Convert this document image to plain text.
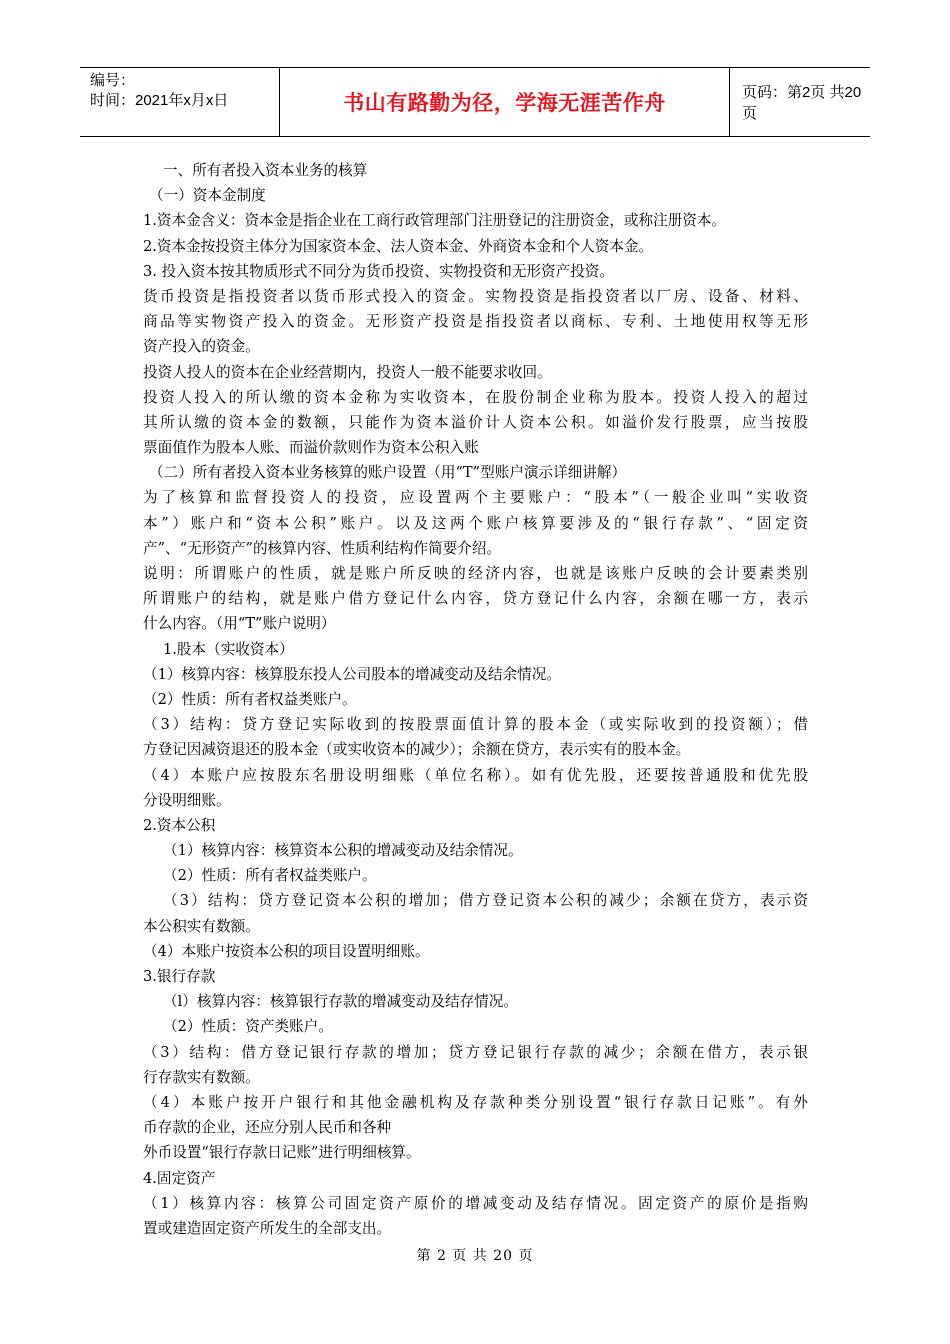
编号：
时间：2021年x月x日	书山有路勤为径，学海无涯苦作舟	页码：第2页 共20页
一、所有者投入资本业务的核算
（一）资本金制度
1.资本金含义：资本金是指企业在工商行政管理部门注册登记的注册资金，或称注册资本。
2.资本金按投资主体分为国家资本金、法人资本金、外商资本金和个人资本金。
3. 投入资本按其物质形式不同分为货币投资、实物投资和无形资产投资。
货币投资是指投资者以货币形式投入的资金。实物投资是指投资者以厂房、设备、材料、
商品等实物资产投入的资金。无形资产投资是指投资者以商标、专利、土地使用权等无形
资产投入的资金。
投资人投人的资本在企业经营期内，投资人一般不能要求收回。
投资人投入的所认缴的资本金称为实收资本，在股份制企业称为股本。投资人投入的超过
其所认缴的资本金的数额，只能作为资本溢价计人资本公积。如溢价发行股票，应当按股
票面值作为股本人账、而溢价款则作为资本公积入账
（二）所有者投入资本业务核算的账户设置（用“T”型账户演示详细讲解）
为了核算和监督投资人的投资，应设置两个主要账户：“股本”（一般企业叫“实收资
本”）账户和“资本公积”账户。以及这两个账户核算要涉及的“银行存款”、“固定资
产”、“无形资产”的核算内容、性质利结构作简要介绍。
说明：所谓账户的性质，就是账户所反映的经济内容，也就是该账户反映的会计要素类别
所谓账户的结构，就是账户借方登记什么内容，贷方登记什么内容，余额在哪一方，表示
什么内容。（用“T”账户说明）
1.股本（实收资本）
（1）核算内容：核算股东投人公司股本的增减变动及结余情况。
（2）性质：所有者权益类账户。
（3）结构：贷方登记实际收到的按股票面值计算的股本金（或实际收到的投资额）；借
方登记因减资退还的股本金（或实收资本的减少）；余额在贷方，表示实有的股本金。
（4）本账户应按股东名册设明细账（单位名称）。如有优先股，还要按普通股和优先股
分设明细账。
2.资本公积
（1）核算内容：核算资本公积的增减变动及结余情况。
（2）性质：所有者权益类账户。
（3）结构：贷方登记资本公积的增加；借方登记资本公积的减少；余额在贷方，表示资
本公积实有数额。
（4）本账户按资本公积的项目设置明细账。
3.银行存款
（l）核算内容：核算银行存款的增减变动及结存情况。
（2）性质：资产类账户。
（3）结构：借方登记银行存款的增加；贷方登记银行存款的减少；余额在借方，表示银
行存款实有数额。
（4）本账户按开户银行和其他金融机构及存款种类分别设置“银行存款日记账”。有外
币存款的企业，还应分别人民币和各种
外币设置“银行存款日记账”进行明细核算。
4.固定资产
（1）核算内容：核算公司固定资产原价的增减变动及结存情况。固定资产的原价是指购
置或建造固定资产所发生的全部支出。
第 2 页 共 20 页
